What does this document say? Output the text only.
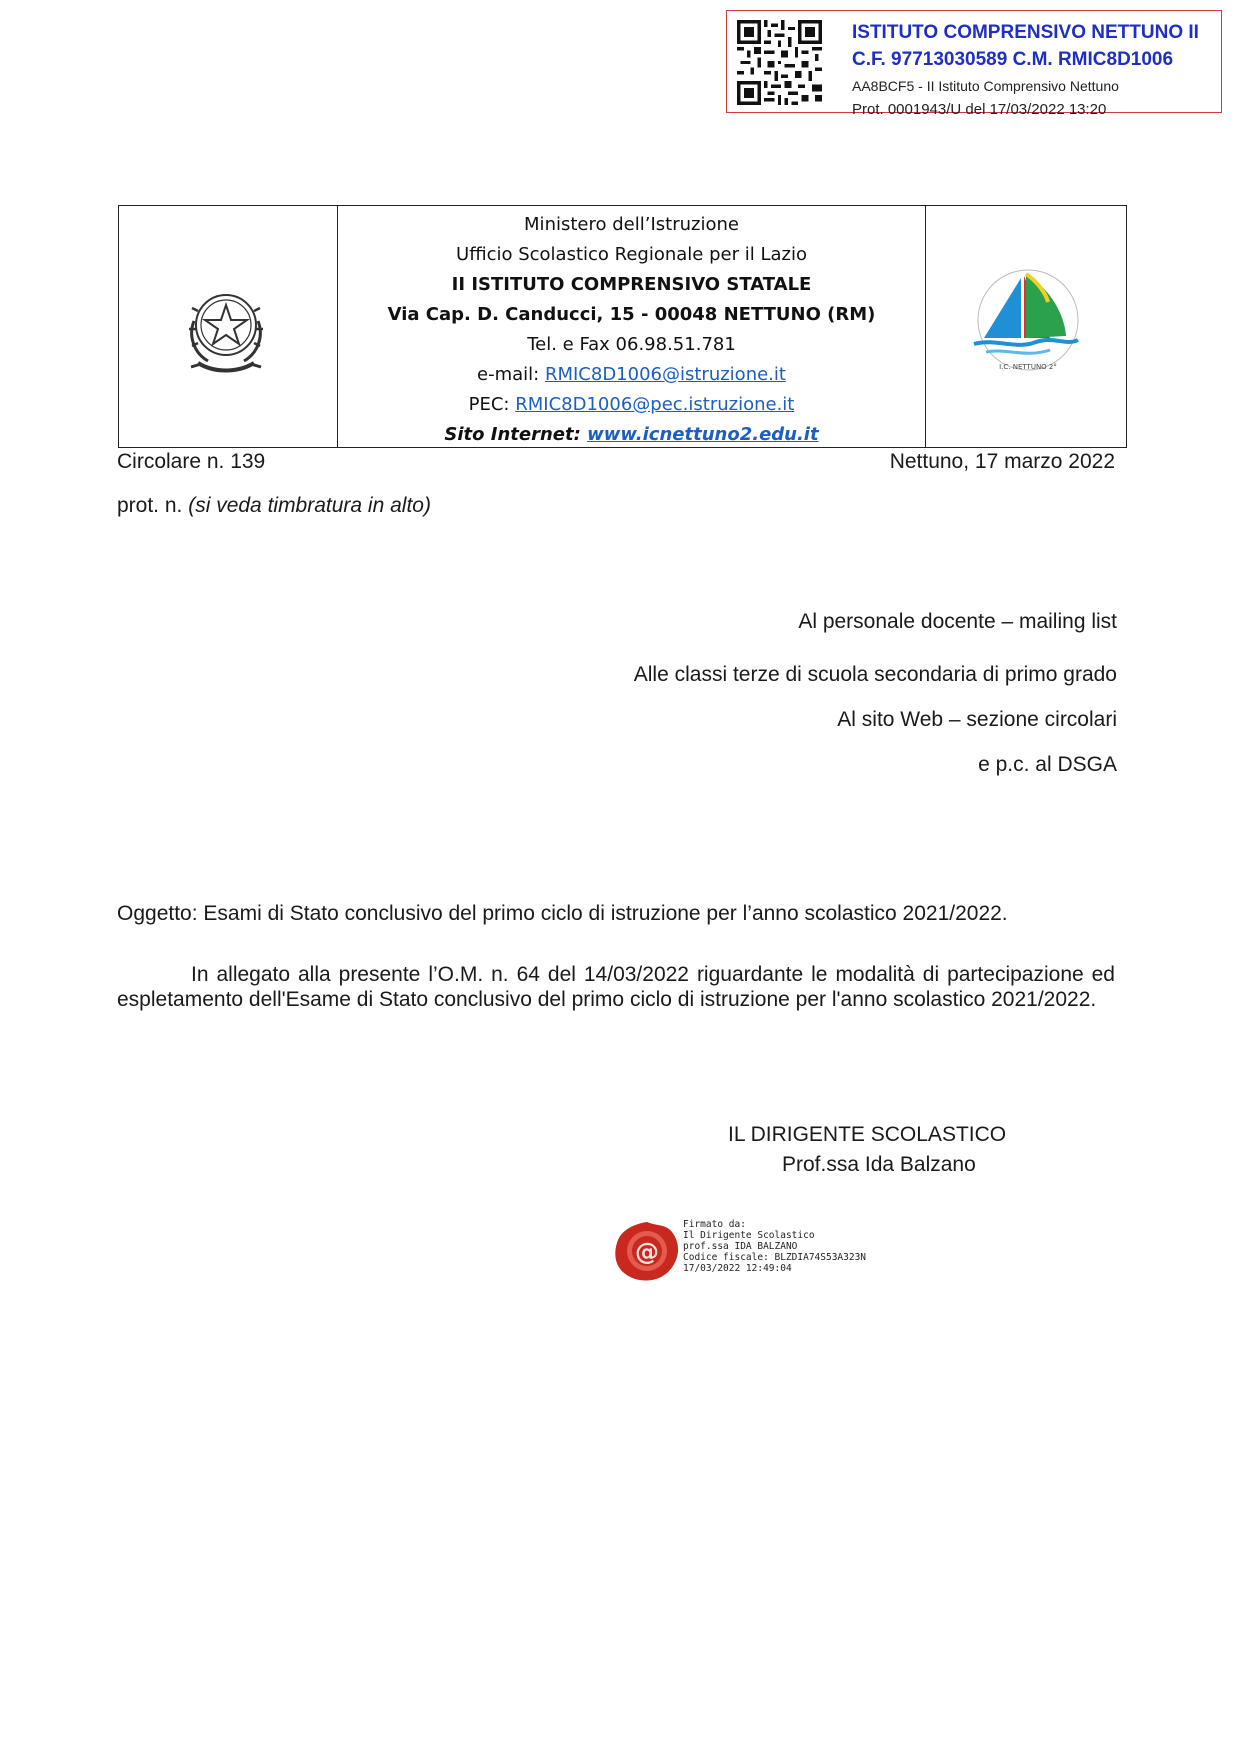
ISTITUTO COMPRENSIVO NETTUNO II
C.F. 97713030589 C.M. RMIC8D1006
AA8BCF5 - II Istituto Comprensivo Nettuno
Prot. 0001943/U del 17/03/2022 13:20
Ministero dell’Istruzione
Ufficio Scolastico Regionale per il Lazio
II ISTITUTO COMPRENSIVO STATALE
Via Cap. D. Canducci, 15 - 00048 NETTUNO (RM)
Tel. e Fax 06.98.51.781
e-mail: RMIC8D1006@istruzione.it
PEC: RMIC8D1006@pec.istruzione.it
Sito Internet: www.icnettuno2.edu.it
I.C. NETTUNO 2°
Circolare n. 139	Nettuno, 17 marzo 2022
prot. n. (si veda timbratura in alto)
Al personale docente – mailing list
Alle classi terze di scuola secondaria di primo grado
Al sito Web – sezione circolari
e p.c. al DSGA
Oggetto: Esami di Stato conclusivo del primo ciclo di istruzione per l’anno scolastico 2021/2022.
In allegato alla presente l’O.M. n. 64 del 14/03/2022 riguardante le modalità di partecipazione ed espletamento dell'Esame di Stato conclusivo del primo ciclo di istruzione per l'anno scolastico 2021/2022.
IL DIRIGENTE SCOLASTICO
Prof.ssa Ida Balzano
@
Firmato da:
Il Dirigente Scolastico
prof.ssa IDA BALZANO
Codice fiscale: BLZDIA74S53A323N
17/03/2022 12:49:04
